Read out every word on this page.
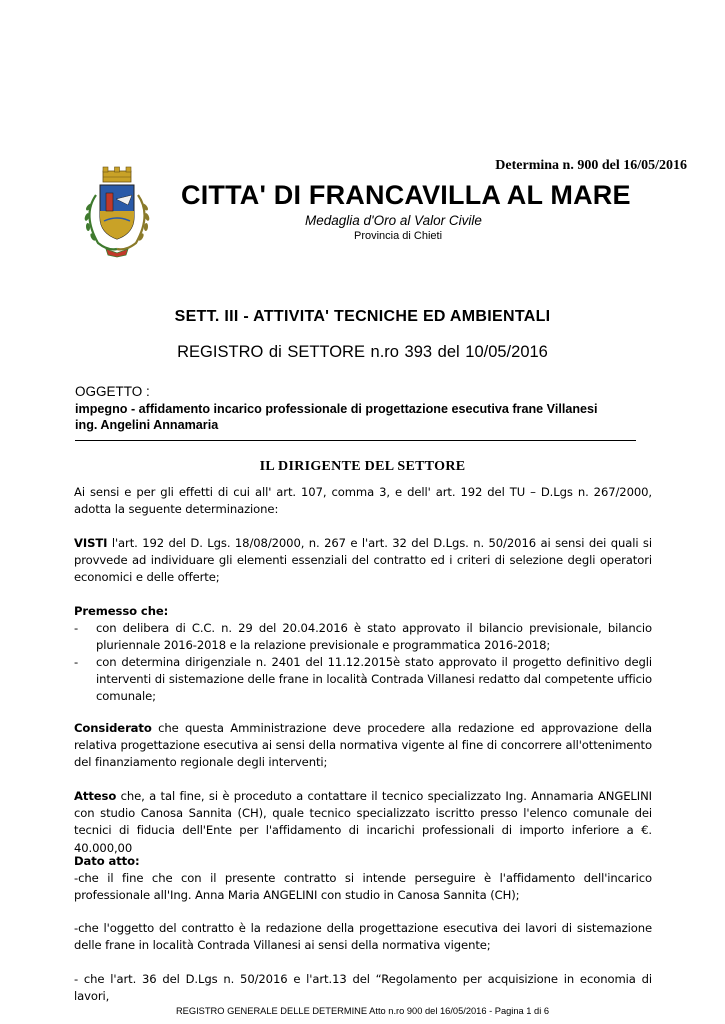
Determina n. 900 del 16/05/2016
CITTA' DI FRANCAVILLA AL MARE
Medaglia d'Oro al Valor Civile
Provincia di Chieti
SETT. III - ATTIVITA' TECNICHE ED AMBIENTALI
REGISTRO di SETTORE n.ro 393 del 10/05/2016
OGGETTO :
impegno - affidamento incarico professionale di progettazione esecutiva frane Villanesi
ing. Angelini Annamaria
IL DIRIGENTE DEL SETTORE
Ai sensi e per gli effetti di cui all' art. 107, comma 3, e dell' art. 192 del TU – D.Lgs n. 267/2000, adotta la seguente determinazione:
VISTI l'art. 192 del D. Lgs. 18/08/2000, n. 267 e l'art. 32 del D.Lgs. n. 50/2016 ai sensi dei quali si provvede ad individuare gli elementi essenziali del contratto ed i criteri di selezione degli operatori economici e delle offerte;
Premesso che:
- con delibera di C.C. n. 29 del 20.04.2016 è stato approvato il bilancio previsionale, bilancio pluriennale 2016-2018 e la relazione previsionale e programmatica 2016-2018;
- con determina dirigenziale n. 2401 del 11.12.2015è stato approvato il progetto definitivo degli interventi di sistemazione delle frane in località Contrada Villanesi redatto dal competente ufficio comunale;
Considerato che questa Amministrazione deve procedere alla redazione ed approvazione della relativa progettazione esecutiva ai sensi della normativa vigente al fine di concorrere all'ottenimento del finanziamento regionale degli interventi;
Atteso che, a tal fine, si è proceduto a contattare il tecnico specializzato Ing. Annamaria ANGELINI con studio Canosa Sannita (CH), quale tecnico specializzato iscritto presso l'elenco comunale dei tecnici di fiducia dell'Ente per l'affidamento di incarichi professionali di importo inferiore a €. 40.000,00
Dato atto:
-che il fine che con il presente contratto si intende perseguire è l'affidamento dell'incarico professionale all'Ing. Anna Maria ANGELINI con studio in Canosa Sannita (CH);
-che l'oggetto del contratto è la redazione della progettazione esecutiva dei lavori di sistemazione delle frane in località Contrada Villanesi ai sensi della normativa vigente;
- che l'art. 36 del D.Lgs n. 50/2016 e l'art.13 del “Regolamento per acquisizione in economia di lavori,
REGISTRO GENERALE DELLE DETERMINE Atto n.ro 900 del 16/05/2016 - Pagina 1 di 6
